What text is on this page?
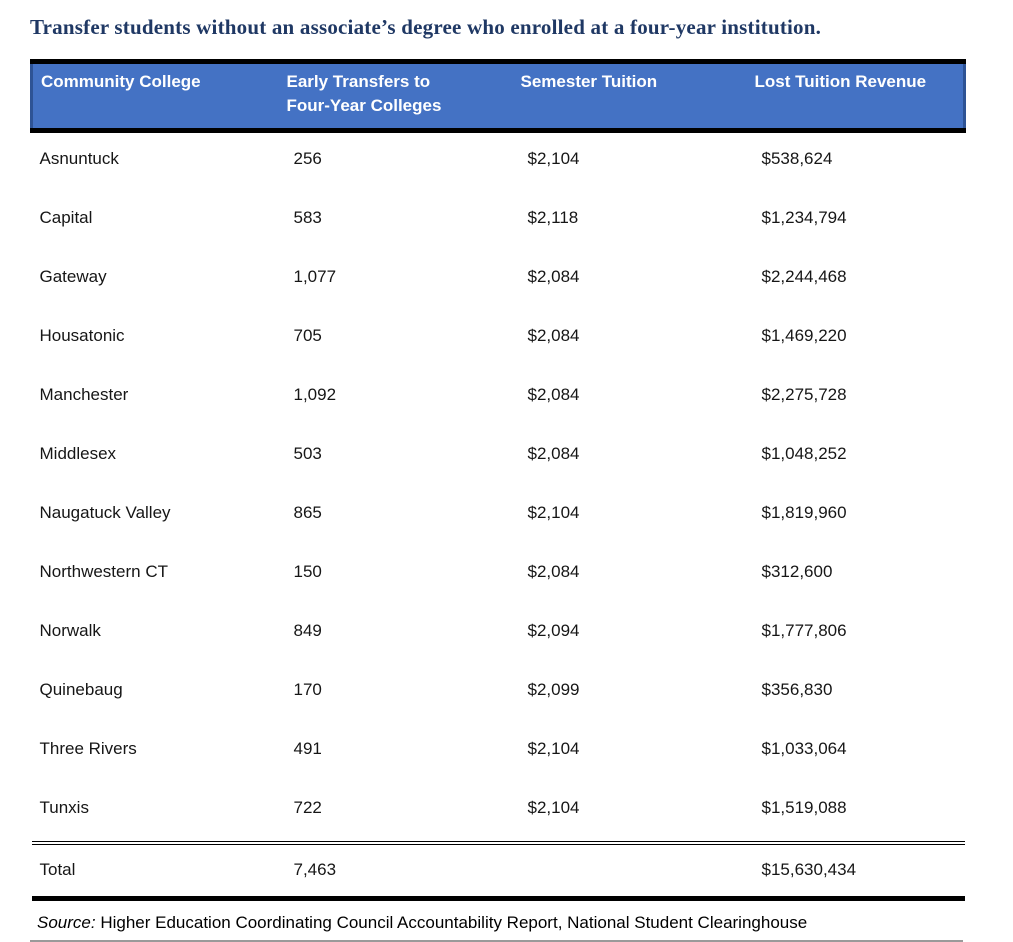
Transfer students without an associate’s degree who enrolled at a four-year institution.
Community College	Early Transfers to Four-Year Colleges	Semester Tuition	Lost Tuition Revenue
Asnuntuck	256	$2,104	$538,624
Capital	583	$2,118	$1,234,794
Gateway	1,077	$2,084	$2,244,468
Housatonic	705	$2,084	$1,469,220
Manchester	1,092	$2,084	$2,275,728
Middlesex	503	$2,084	$1,048,252
Naugatuck Valley	865	$2,104	$1,819,960
Northwestern CT	150	$2,084	$312,600
Norwalk	849	$2,094	$1,777,806
Quinebaug	170	$2,099	$356,830
Three Rivers	491	$2,104	$1,033,064
Tunxis	722	$2,104	$1,519,088
Total	7,463		$15,630,434

Source: Higher Education Coordinating Council Accountability Report, National Student Clearinghouse
